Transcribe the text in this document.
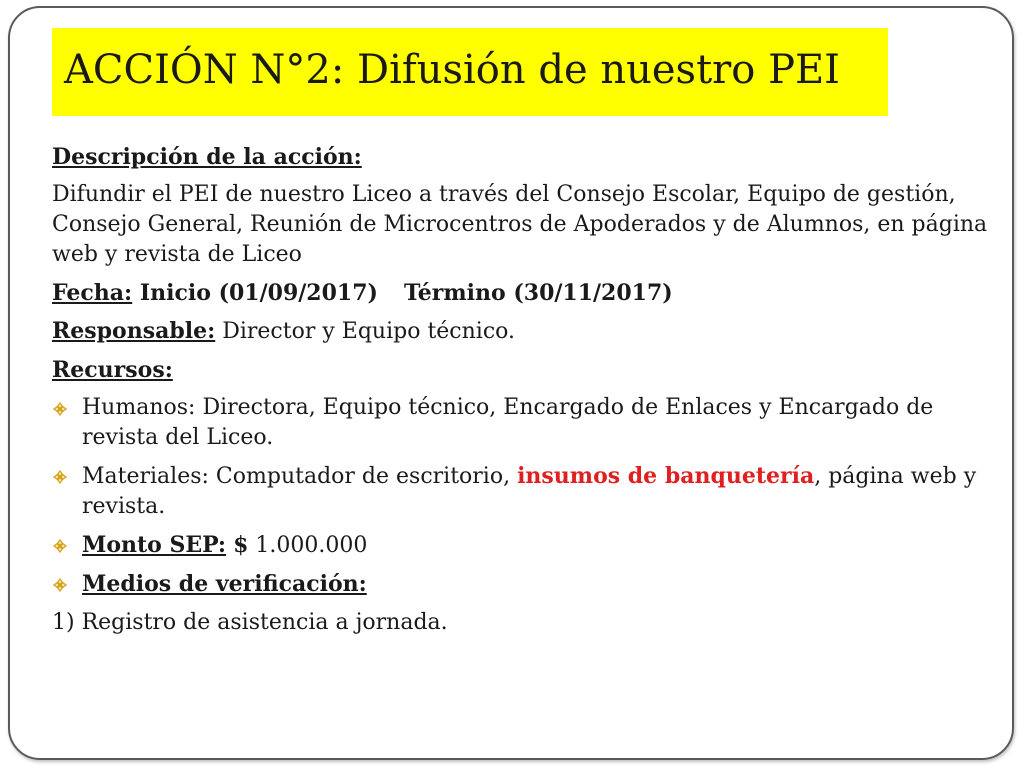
ACCIÓN N°2: Difusión de nuestro PEI

Descripción de la acción:

Difundir el PEI de nuestro Liceo a través del Consejo Escolar, Equipo de gestión, Consejo General, Reunión de Microcentros de Apoderados y de Alumnos, en página web y revista de Liceo

Fecha: Inicio (01/09/2017) Término (30/11/2017)

Responsable: Director y Equipo técnico.

Recursos:

Humanos: Directora, Equipo técnico, Encargado de Enlaces y Encargado de revista del Liceo.
Materiales: Computador de escritorio, insumos de banquetería, página web y revista.
Monto SEP: $ 1.000.000
Medios de verificación:

1) Registro de asistencia a jornada.
